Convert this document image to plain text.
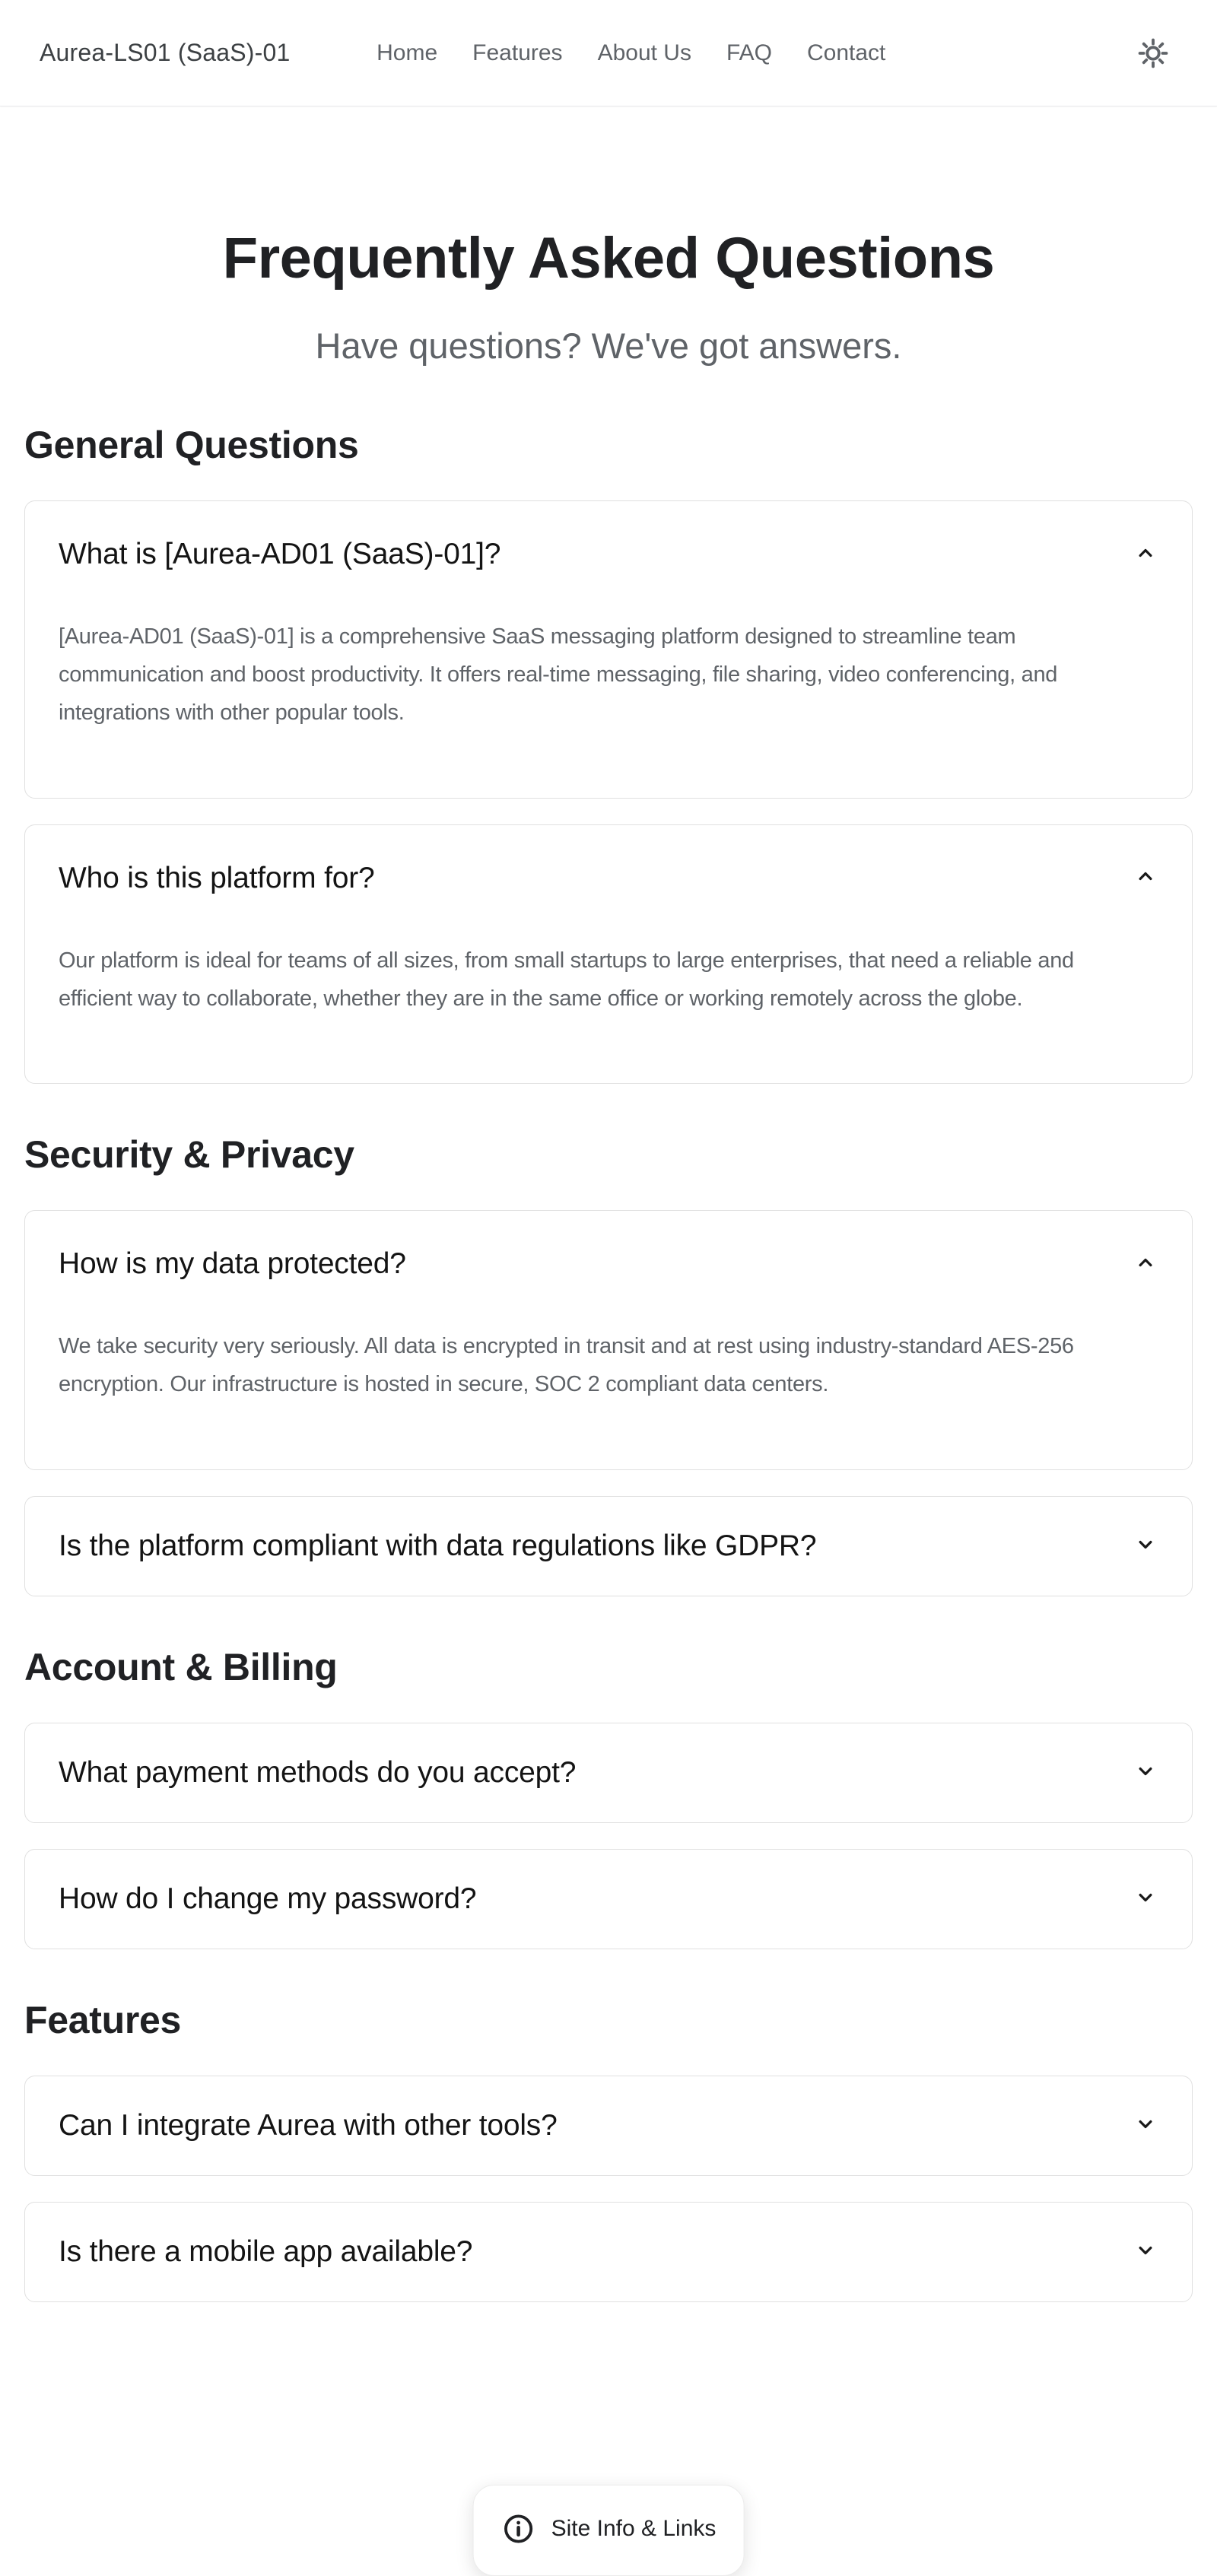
Aurea-LS01 (SaaS)-01	Home Features About Us FAQ Contact
Frequently Asked Questions
Have questions? We've got answers.
General Questions
What is [Aurea-AD01 (SaaS)-01]?
[Aurea-AD01 (SaaS)-01] is a comprehensive SaaS messaging platform designed to streamline team communication and boost productivity. It offers real-time messaging, file sharing, video conferencing, and integrations with other popular tools.
Who is this platform for?
Our platform is ideal for teams of all sizes, from small startups to large enterprises, that need a reliable and efficient way to collaborate, whether they are in the same office or working remotely across the globe.
Security & Privacy
How is my data protected?
We take security very seriously. All data is encrypted in transit and at rest using industry-standard AES-256 encryption. Our infrastructure is hosted in secure, SOC 2 compliant data centers.
Is the platform compliant with data regulations like GDPR?
Account & Billing
What payment methods do you accept?
How do I change my password?
Features
Can I integrate Aurea with other tools?
Is there a mobile app available?
Site Info & Links
